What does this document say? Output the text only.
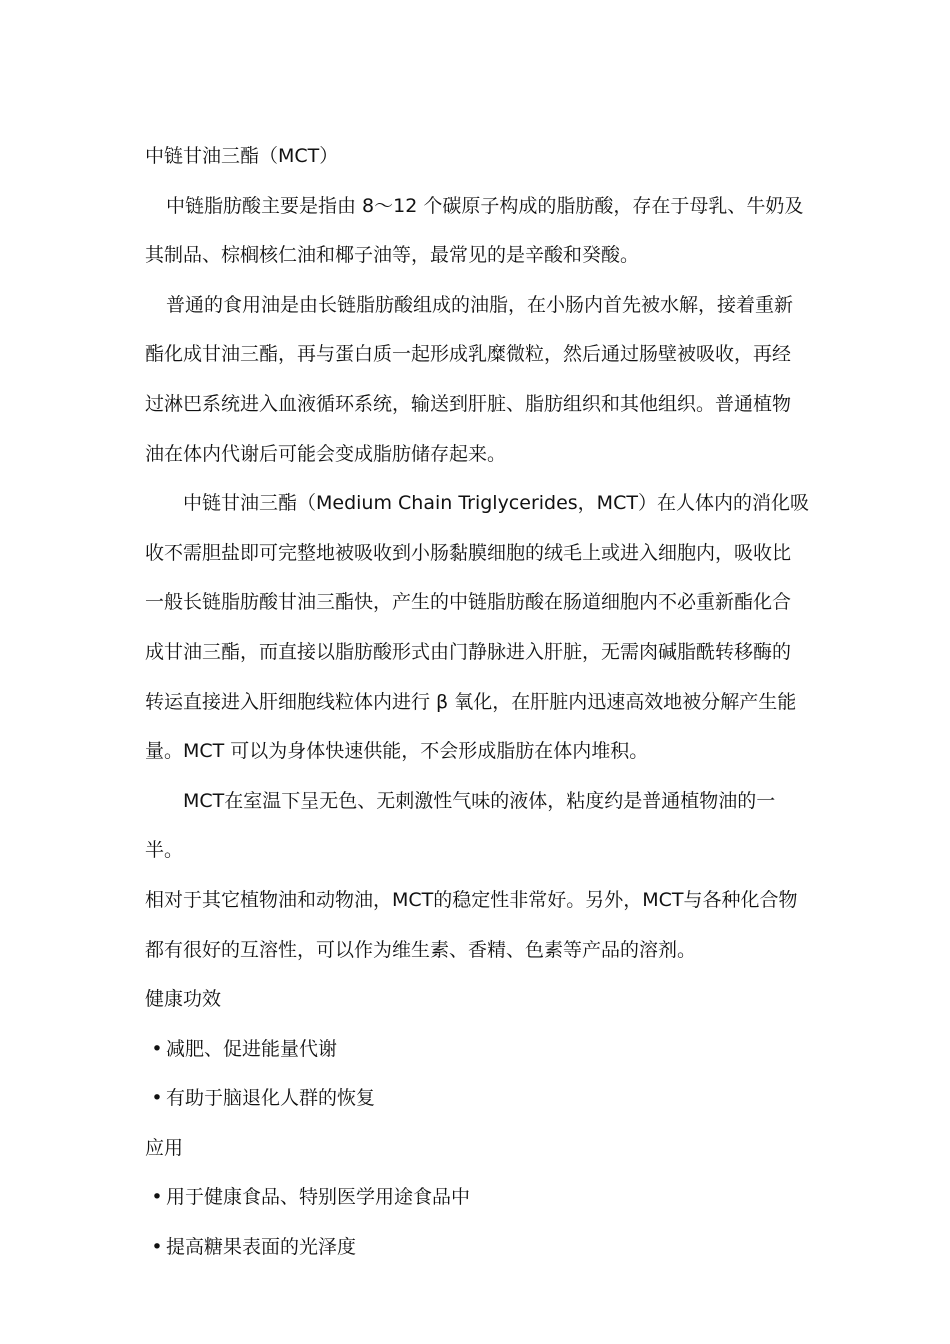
中链甘油三酯（MCT）

中链脂肪酸主要是指由 8～12 个碳原子构成的脂肪酸，存在于母乳、牛奶及

其制品、棕榈核仁油和椰子油等，最常见的是辛酸和癸酸。

普通的食用油是由长链脂肪酸组成的油脂，在小肠内首先被水解，接着重新

酯化成甘油三酯，再与蛋白质一起形成乳糜微粒，然后通过肠壁被吸收，再经

过淋巴系统进入血液循环系统，输送到肝脏、脂肪组织和其他组织。普通植物

油在体内代谢后可能会变成脂肪储存起来。

中链甘油三酯（Medium Chain Triglycerides，MCT）在人体内的消化吸

收不需胆盐即可完整地被吸收到小肠黏膜细胞的绒毛上或进入细胞内，吸收比

一般长链脂肪酸甘油三酯快，产生的中链脂肪酸在肠道细胞内不必重新酯化合

成甘油三酯，而直接以脂肪酸形式由门静脉进入肝脏，无需肉碱脂酰转移酶的

转运直接进入肝细胞线粒体内进行 β 氧化，在肝脏内迅速高效地被分解产生能

量。MCT 可以为身体快速供能，不会形成脂肪在体内堆积。

MCT在室温下呈无色、无刺激性气味的液体，粘度约是普通植物油的一半。

相对于其它植物油和动物油，MCT的稳定性非常好。另外，MCT与各种化合物

都有很好的互溶性，可以作为维生素、香精、色素等产品的溶剂。

健康功效

• 减肥、促进能量代谢

• 有助于脑退化人群的恢复

应用

• 用于健康食品、特别医学用途食品中

• 提高糖果表面的光泽度
